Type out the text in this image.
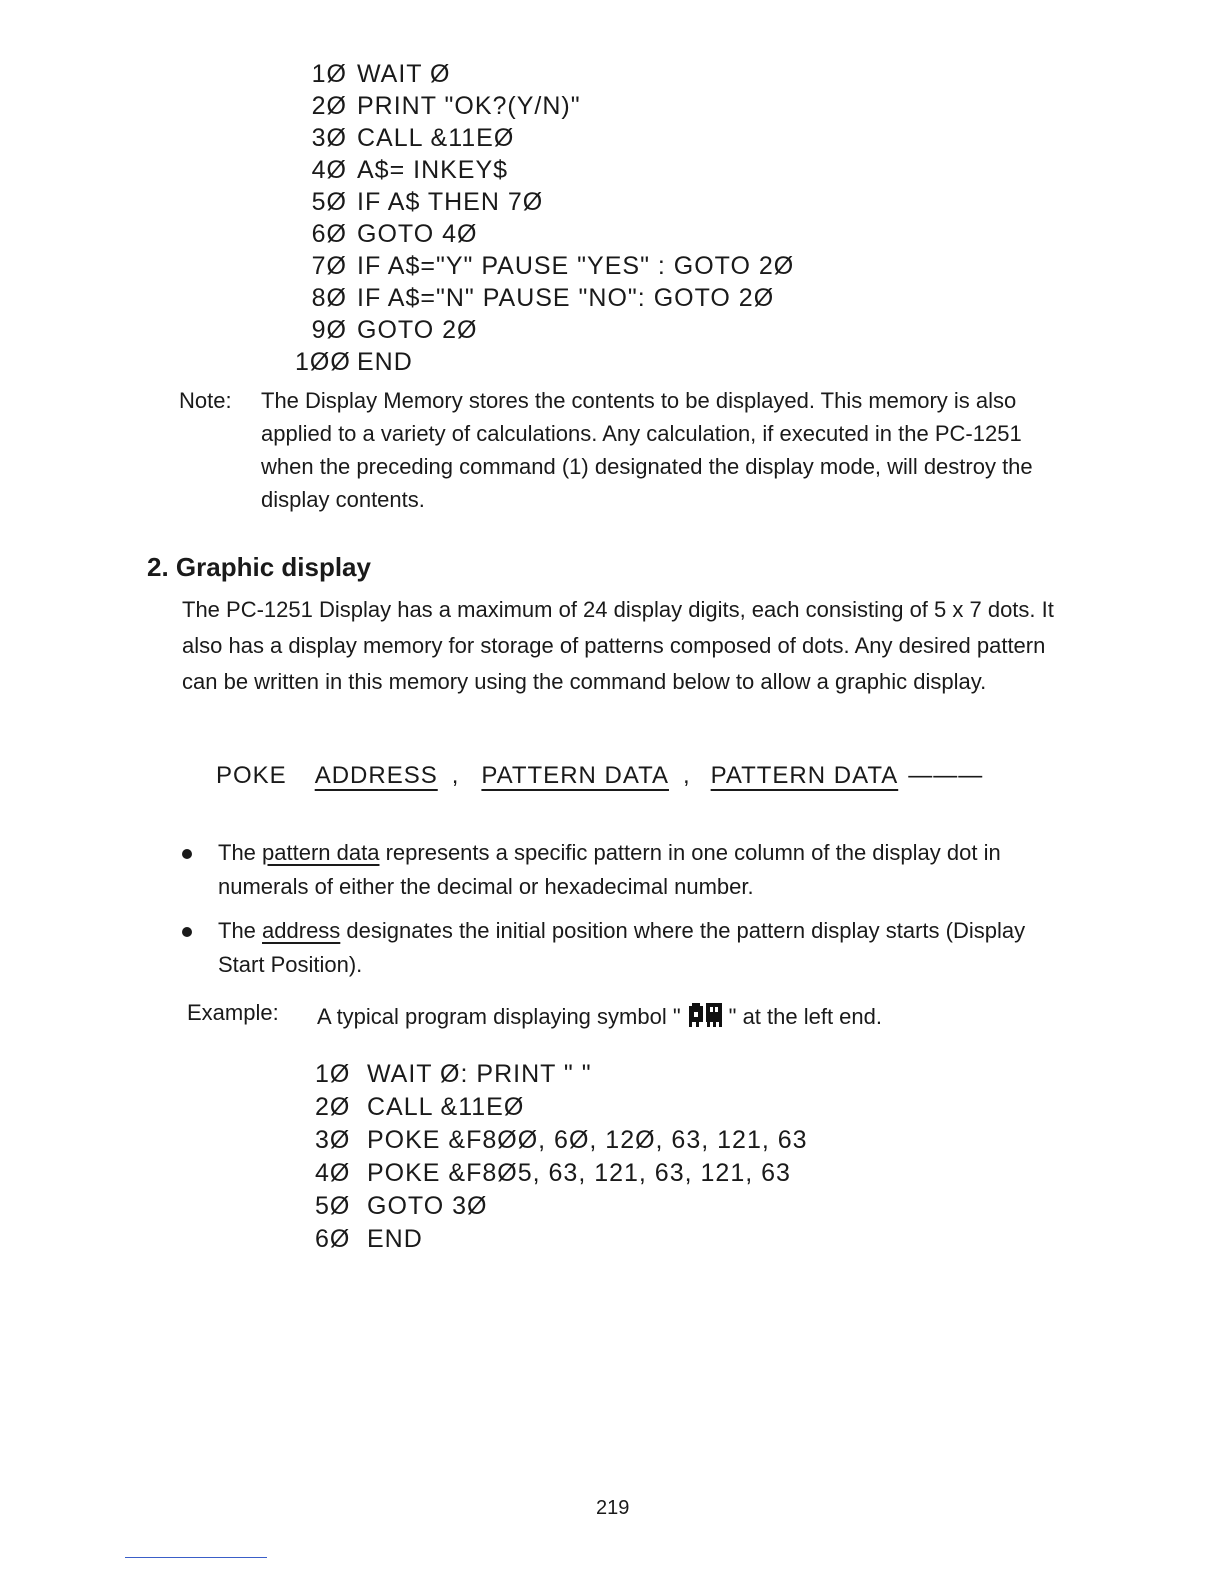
1Ø WAIT Ø
2Ø PRINT "OK?(Y/N)"
3Ø CALL &11EØ
4Ø A$= INKEY$
5Ø IF A$ THEN 7Ø
6Ø GOTO 4Ø
7Ø IF A$="Y" PAUSE "YES" : GOTO 2Ø
8Ø IF A$="N" PAUSE "NO": GOTO 2Ø
9Ø GOTO 2Ø
1ØØ END
Note: The Display Memory stores the contents to be displayed. This memory is also applied to a variety of calculations. Any calculation, if executed in the PC-1251 when the preceding command (1) designated the display mode, will destroy the display contents.
2. Graphic display
The PC-1251 Display has a maximum of 24 display digits, each consisting of 5 x 7 dots. It also has a display memory for storage of patterns composed of dots. Any desired pattern can be written in this memory using the command below to allow a graphic display.
POKE ADDRESS , PATTERN DATA , PATTERN DATA ———
The pattern data represents a specific pattern in one column of the display dot in numerals of either the decimal or hexadecimal number.
The address designates the initial position where the pattern display starts (Display Start Position).
Example: A typical program displaying symbol " " at the left end.
1Ø WAIT Ø: PRINT " "
2Ø CALL &11EØ
3Ø POKE &F8ØØ, 6Ø, 12Ø, 63, 121, 63
4Ø POKE &F8Ø5, 63, 121, 63, 121, 63
5Ø GOTO 3Ø
6Ø END
219
